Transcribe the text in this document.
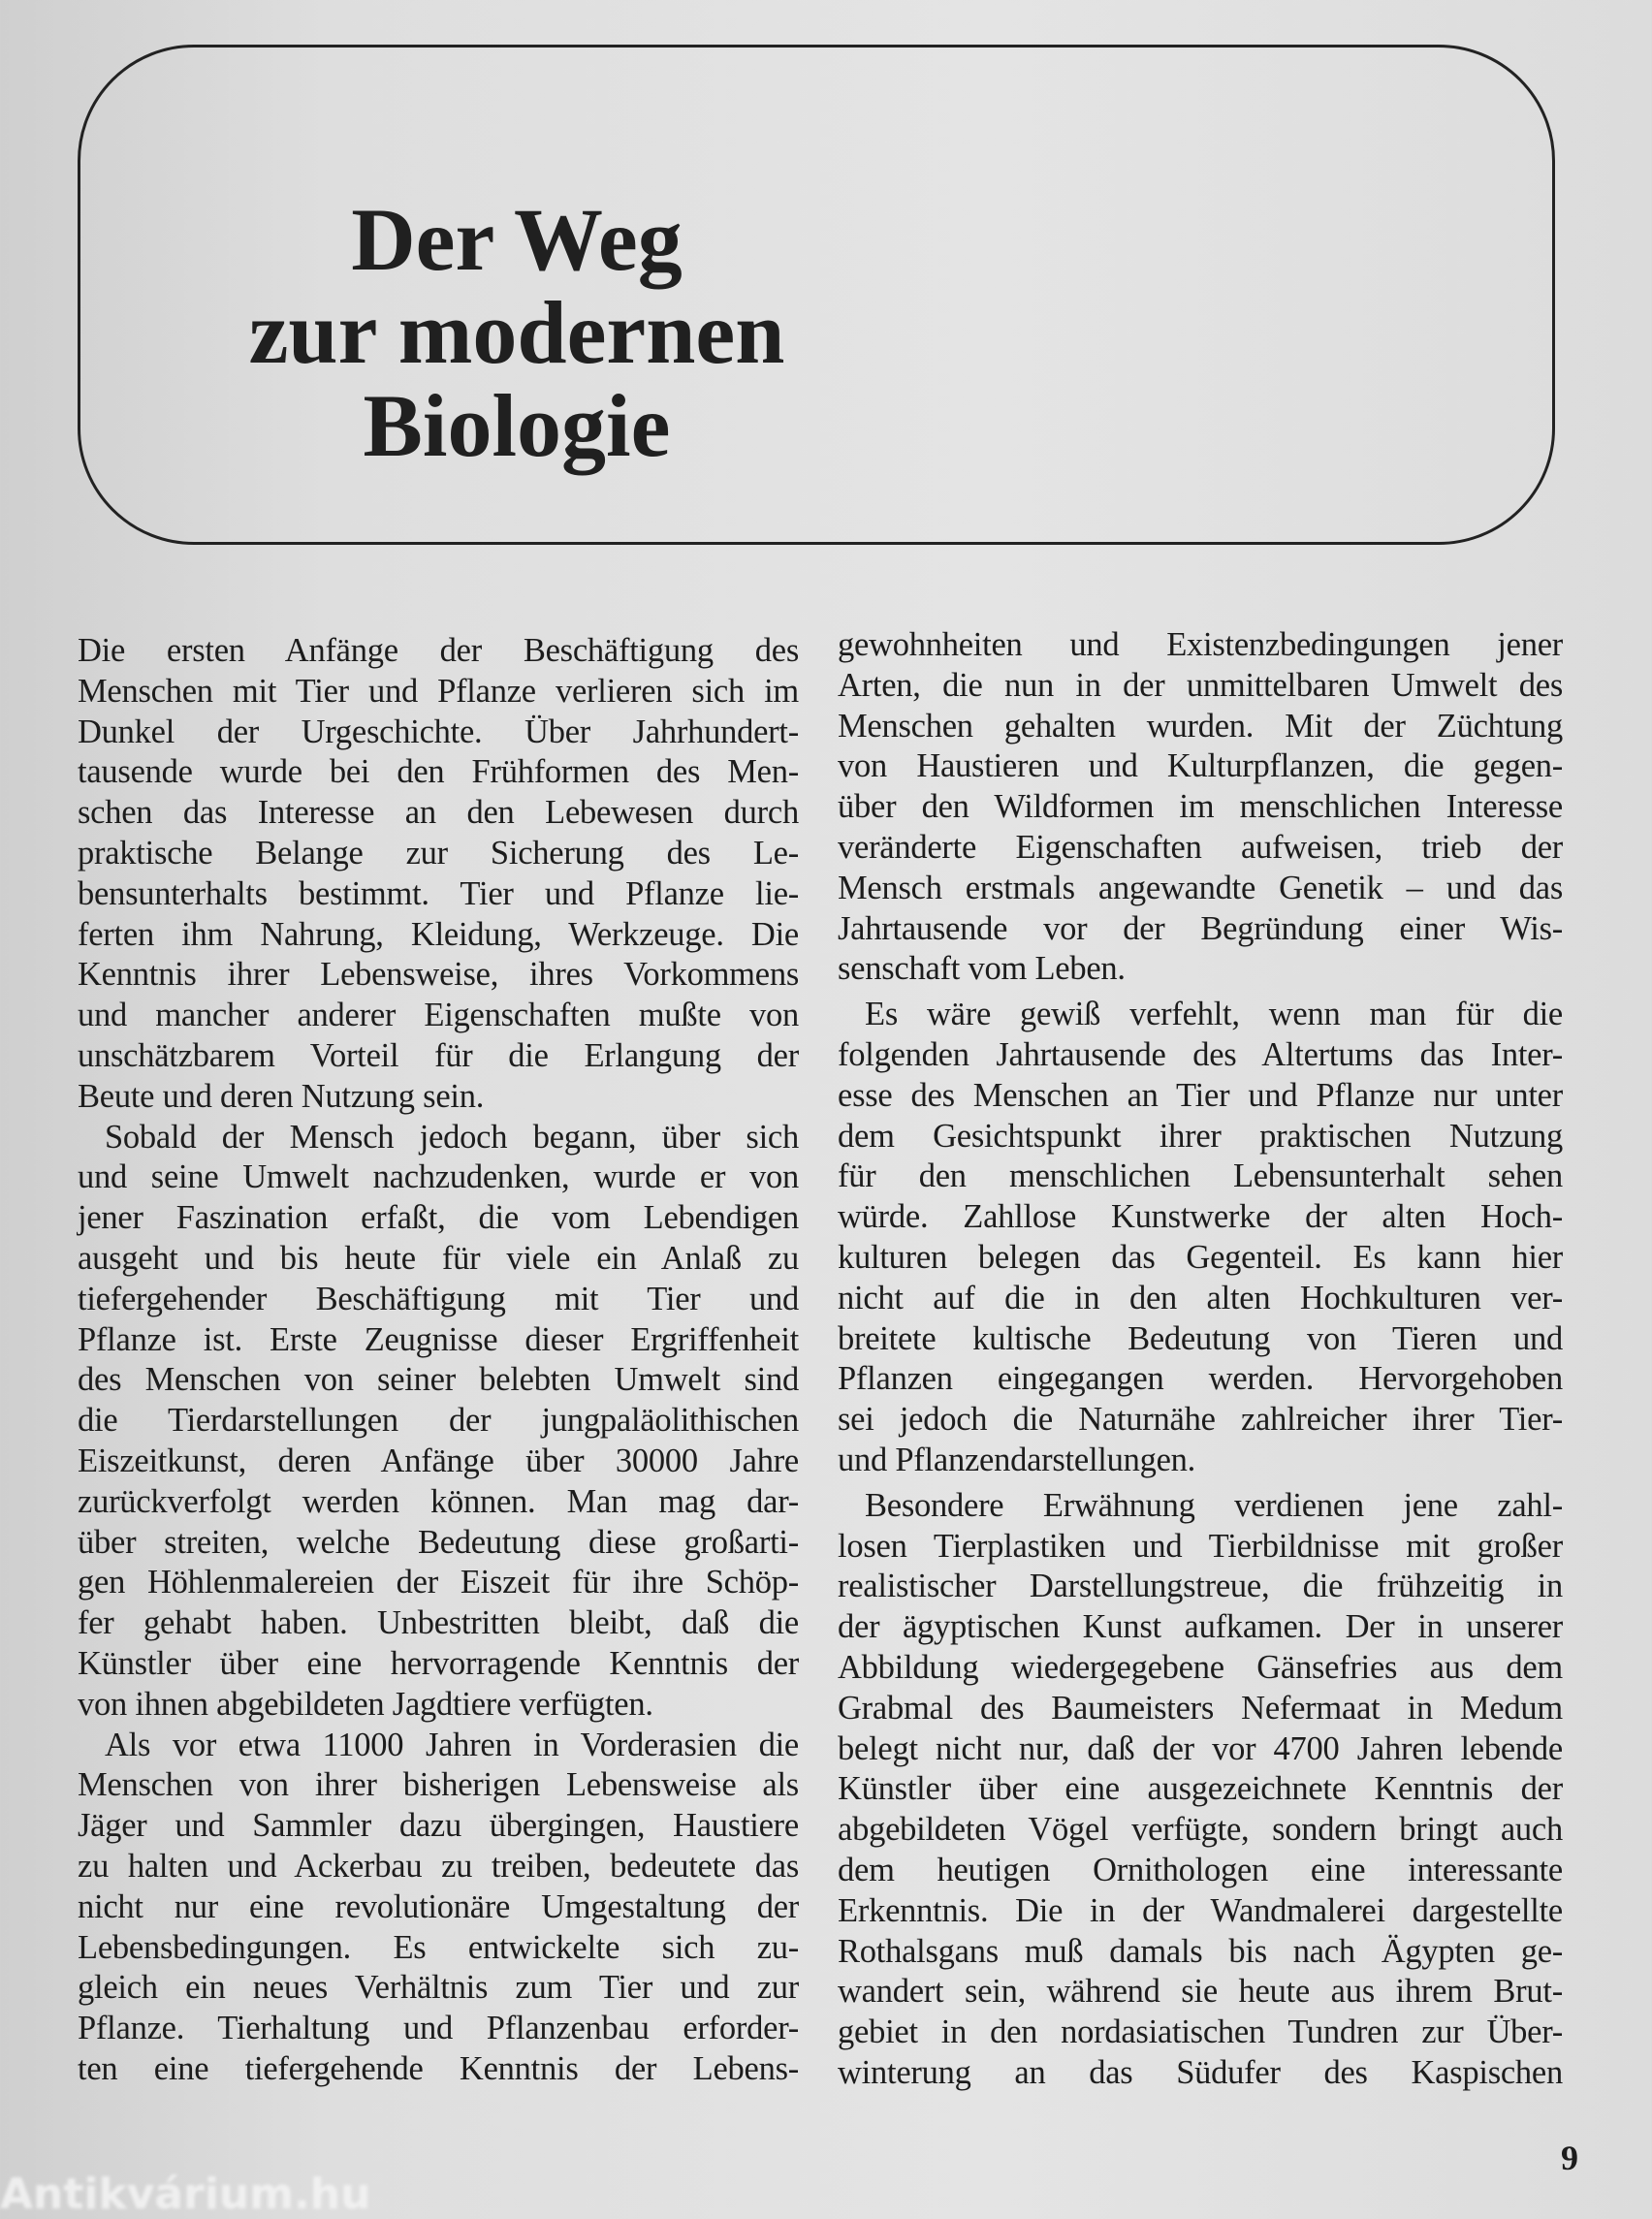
Der Weg
zur modernen
Biologie
Die ersten Anfänge der Beschäftigung des
Menschen mit Tier und Pflanze verlieren sich im
Dunkel der Urgeschichte. Über Jahrhundert-
tausende wurde bei den Frühformen des Men-
schen das Interesse an den Lebewesen durch
praktische Belange zur Sicherung des Le-
bensunterhalts bestimmt. Tier und Pflanze lie-
ferten ihm Nahrung, Kleidung, Werkzeuge. Die
Kenntnis ihrer Lebensweise, ihres Vorkommens
und mancher anderer Eigenschaften mußte von
unschätzbarem Vorteil für die Erlangung der
Beute und deren Nutzung sein.
Sobald der Mensch jedoch begann, über sich
und seine Umwelt nachzudenken, wurde er von
jener Faszination erfaßt, die vom Lebendigen
ausgeht und bis heute für viele ein Anlaß zu
tiefergehender Beschäftigung mit Tier und
Pflanze ist. Erste Zeugnisse dieser Ergriffenheit
des Menschen von seiner belebten Umwelt sind
die Tierdarstellungen der jungpaläolithischen
Eiszeitkunst, deren Anfänge über 30000 Jahre
zurückverfolgt werden können. Man mag dar-
über streiten, welche Bedeutung diese großarti-
gen Höhlenmalereien der Eiszeit für ihre Schöp-
fer gehabt haben. Unbestritten bleibt, daß die
Künstler über eine hervorragende Kenntnis der
von ihnen abgebildeten Jagdtiere verfügten.
Als vor etwa 11000 Jahren in Vorderasien die
Menschen von ihrer bisherigen Lebensweise als
Jäger und Sammler dazu übergingen, Haustiere
zu halten und Ackerbau zu treiben, bedeutete das
nicht nur eine revolutionäre Umgestaltung der
Lebensbedingungen. Es entwickelte sich zu-
gleich ein neues Verhältnis zum Tier und zur
Pflanze. Tierhaltung und Pflanzenbau erforder-
ten eine tiefergehende Kenntnis der Lebens-
gewohnheiten und Existenzbedingungen jener
Arten, die nun in der unmittelbaren Umwelt des
Menschen gehalten wurden. Mit der Züchtung
von Haustieren und Kulturpflanzen, die gegen-
über den Wildformen im menschlichen Interesse
veränderte Eigenschaften aufweisen, trieb der
Mensch erstmals angewandte Genetik – und das
Jahrtausende vor der Begründung einer Wis-
senschaft vom Leben.
Es wäre gewiß verfehlt, wenn man für die
folgenden Jahrtausende des Altertums das Inter-
esse des Menschen an Tier und Pflanze nur unter
dem Gesichtspunkt ihrer praktischen Nutzung
für den menschlichen Lebensunterhalt sehen
würde. Zahllose Kunstwerke der alten Hoch-
kulturen belegen das Gegenteil. Es kann hier
nicht auf die in den alten Hochkulturen ver-
breitete kultische Bedeutung von Tieren und
Pflanzen eingegangen werden. Hervorgehoben
sei jedoch die Naturnähe zahlreicher ihrer Tier-
und Pflanzendarstellungen.
Besondere Erwähnung verdienen jene zahl-
losen Tierplastiken und Tierbildnisse mit großer
realistischer Darstellungstreue, die frühzeitig in
der ägyptischen Kunst aufkamen. Der in unserer
Abbildung wiedergegebene Gänsefries aus dem
Grabmal des Baumeisters Nefermaat in Medum
belegt nicht nur, daß der vor 4700 Jahren lebende
Künstler über eine ausgezeichnete Kenntnis der
abgebildeten Vögel verfügte, sondern bringt auch
dem heutigen Ornithologen eine interessante
Erkenntnis. Die in der Wandmalerei dargestellte
Rothalsgans muß damals bis nach Ägypten ge-
wandert sein, während sie heute aus ihrem Brut-
gebiet in den nordasiatischen Tundren zur Über-
winterung an das Südufer des Kaspischen
9
Antikvárium.hu
